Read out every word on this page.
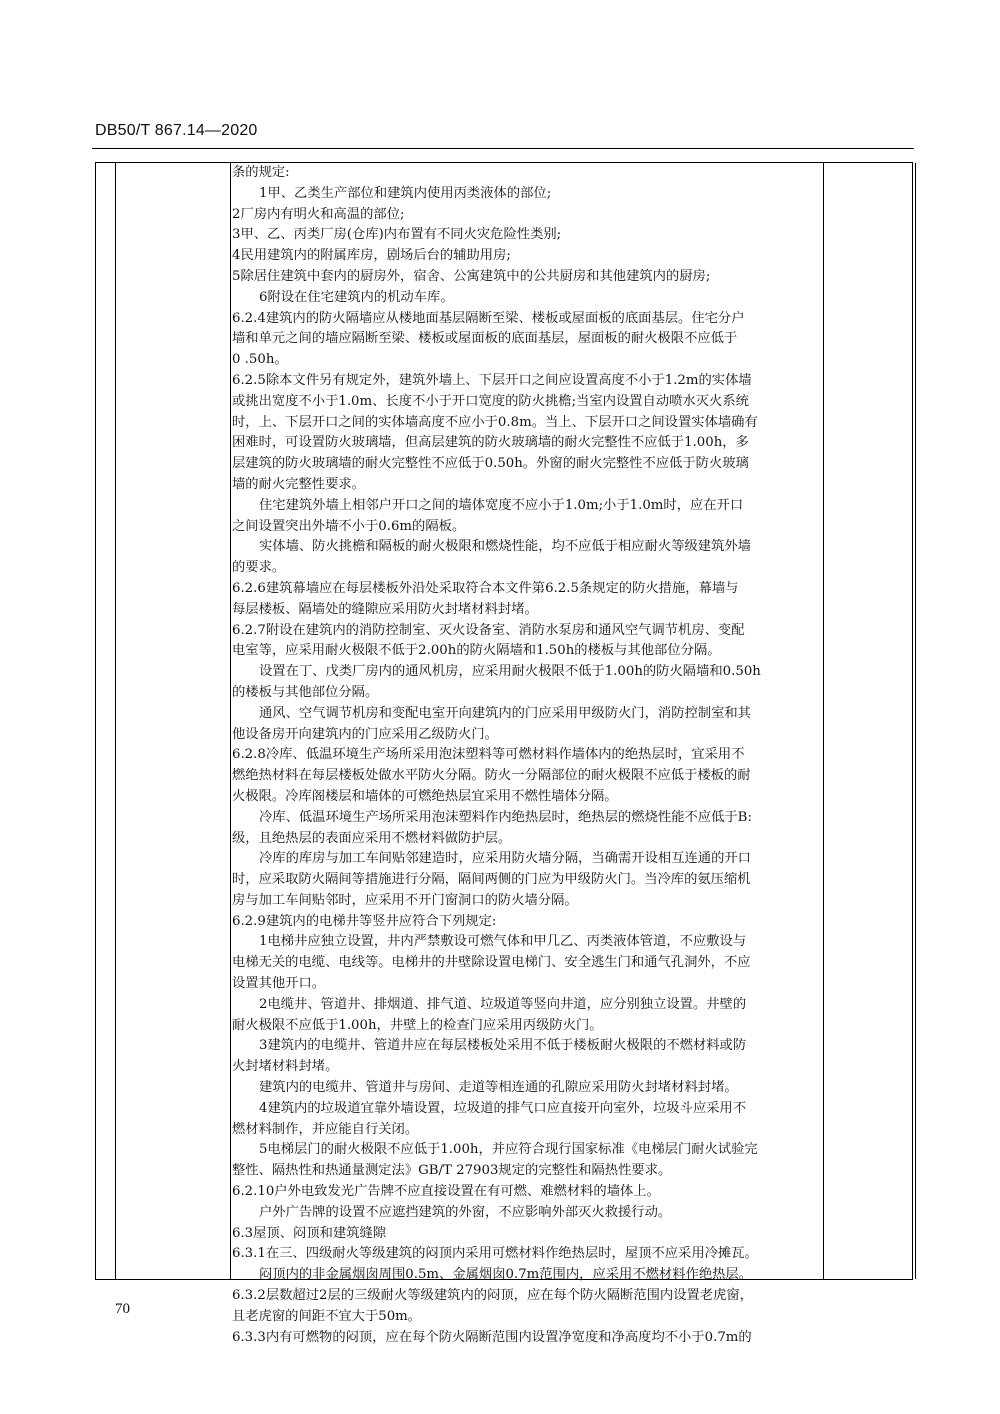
DB50/T 867.14—2020
条的规定:
1甲、乙类生产部位和建筑内使用丙类液体的部位;
2厂房内有明火和高温的部位;
3甲、乙、丙类厂房(仓库)内布置有不同火灾危险性类别;
4民用建筑内的附属库房，剧场后台的辅助用房;
5除居住建筑中套内的厨房外，宿舍、公寓建筑中的公共厨房和其他建筑内的厨房;
6附设在住宅建筑内的机动车库。
6.2.4建筑内的防火隔墙应从楼地面基层隔断至梁、楼板或屋面板的底面基层。住宅分户
墙和单元之间的墙应隔断至梁、楼板或屋面板的底面基层，屋面板的耐火极限不应低于
0 .50h。
6.2.5除本文件另有规定外，建筑外墙上、下层开口之间应设置高度不小于1.2m的实体墙
或挑出宽度不小于1.0m、长度不小于开口宽度的防火挑檐;当室内设置自动喷水灭火系统
时，上、下层开口之间的实体墙高度不应小于0.8m。当上、下层开口之间设置实体墙确有
困难时，可设置防火玻璃墙，但高层建筑的防火玻璃墙的耐火完整性不应低于1.00h，多
层建筑的防火玻璃墙的耐火完整性不应低于0.50h。外窗的耐火完整性不应低于防火玻璃
墙的耐火完整性要求。
住宅建筑外墙上相邻户开口之间的墙体宽度不应小于1.0m;小于1.0m时，应在开口
之间设置突出外墙不小于0.6m的隔板。
实体墙、防火挑檐和隔板的耐火极限和燃烧性能，均不应低于相应耐火等级建筑外墙
的要求。
6.2.6建筑幕墙应在每层楼板外沿处采取符合本文件第6.2.5条规定的防火措施，幕墙与
每层楼板、隔墙处的缝隙应采用防火封堵材料封堵。
6.2.7附设在建筑内的消防控制室、灭火设备室、消防水泵房和通风空气调节机房、变配
电室等，应采用耐火极限不低于2.00h的防火隔墙和1.50h的楼板与其他部位分隔。
设置在丁、戊类厂房内的通风机房，应采用耐火极限不低于1.00h的防火隔墙和0.50h
的楼板与其他部位分隔。
通风、空气调节机房和变配电室开向建筑内的门应采用甲级防火门，消防控制室和其
他设备房开向建筑内的门应采用乙级防火门。
6.2.8冷库、低温环境生产场所采用泡沫塑料等可燃材料作墙体内的绝热层时，宜采用不
燃绝热材料在每层楼板处做水平防火分隔。防火一分隔部位的耐火极限不应低于楼板的耐
火极限。冷库阁楼层和墙体的可燃绝热层宜采用不燃性墙体分隔。
冷库、低温环境生产场所采用泡沫塑料作内绝热层时，绝热层的燃烧性能不应低于B:
级，且绝热层的表面应采用不燃材料做防护层。
冷库的库房与加工车间贴邻建造时，应采用防火墙分隔，当确需开设相互连通的开口
时，应采取防火隔间等措施进行分隔，隔间两侧的门应为甲级防火门。当冷库的氨压缩机
房与加工车间贴邻时，应采用不开门窗洞口的防火墙分隔。
6.2.9建筑内的电梯井等竖井应符合下列规定:
1电梯井应独立设置，井内严禁敷设可燃气体和甲几乙、丙类液体管道，不应敷设与
电梯无关的电缆、电线等。电梯井的井壁除设置电梯门、安全逃生门和通气孔洞外，不应
设置其他开口。
2电缆井、管道井、排烟道、排气道、垃圾道等竖向井道，应分别独立设置。井壁的
耐火极限不应低于1.00h，井壁上的检查门应采用丙级防火门。
3建筑内的电缆井、管道井应在每层楼板处采用不低于楼板耐火极限的不燃材料或防
火封堵材料封堵。
建筑内的电缆井、管道井与房间、走道等相连通的孔隙应采用防火封堵材料封堵。
4建筑内的垃圾道宜靠外墙设置，垃圾道的排气口应直接开向室外，垃圾斗应采用不
燃材料制作，并应能自行关闭。
5电梯层门的耐火极限不应低于1.00h，并应符合现行国家标准《电梯层门耐火试验完
整性、隔热性和热通量测定法》GB/T 27903规定的完整性和隔热性要求。
6.2.10户外电致发光广告牌不应直接设置在有可燃、难燃材料的墙体上。
户外广告牌的设置不应遮挡建筑的外窗，不应影响外部灭火救援行动。
6.3屋顶、闷顶和建筑缝隙
6.3.1在三、四级耐火等级建筑的闷顶内采用可燃材料作绝热层时，屋顶不应采用冷摊瓦。
闷顶内的非金属烟囱周围0.5m、金属烟囱0.7m范围内，应采用不燃材料作绝热层。
6.3.2层数超过2层的三级耐火等级建筑内的闷顶，应在每个防火隔断范围内设置老虎窗，
且老虎窗的间距不宜大于50m。
6.3.3内有可燃物的闷顶，应在每个防火隔断范围内设置净宽度和净高度均不小于0.7m的
70
